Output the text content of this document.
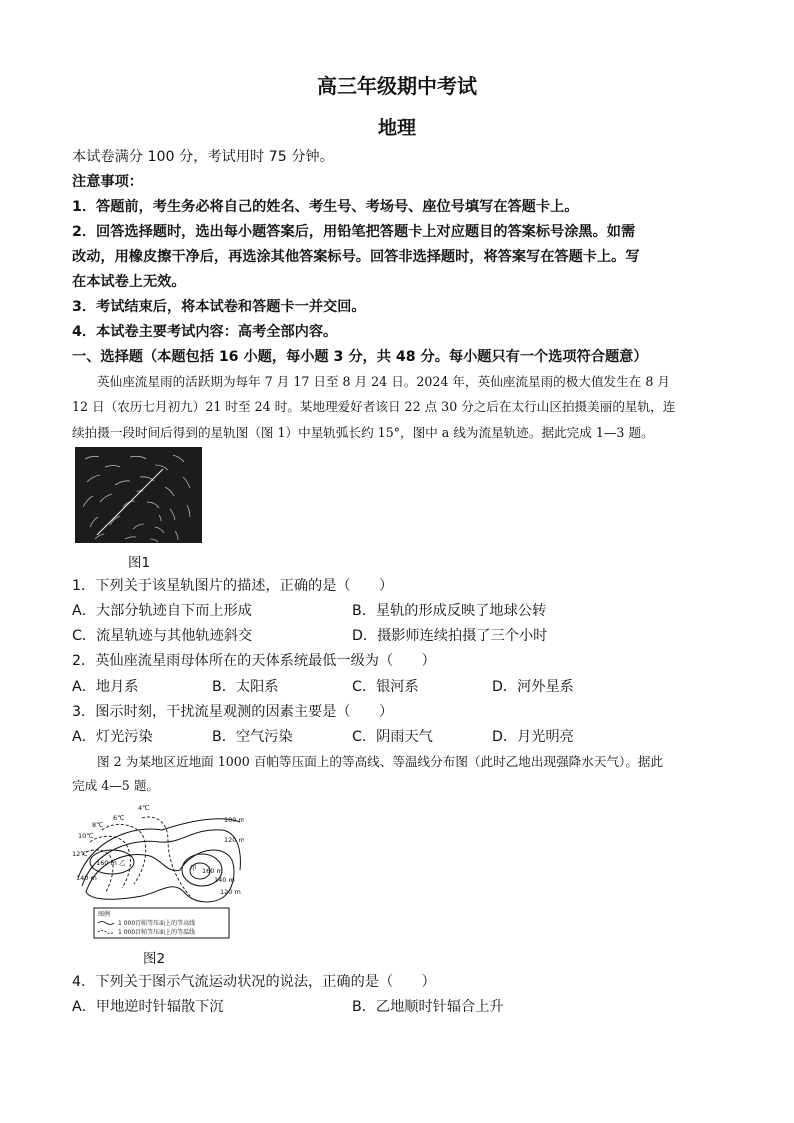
高三年级期中考试
地理
本试卷满分 100 分，考试用时 75 分钟。
注意事项：
1．答题前，考生务必将自己的姓名、考生号、考场号、座位号填写在答题卡上。
2．回答选择题时，选出每小题答案后，用铅笔把答题卡上对应题目的答案标号涂黑。如需
改动，用橡皮擦干净后，再选涂其他答案标号。回答非选择题时，将答案写在答题卡上。写
在本试卷上无效。
3．考试结束后，将本试卷和答题卡一并交回。
4．本试卷主要考试内容：高考全部内容。
一、选择题（本题包括 16 小题，每小题 3 分，共 48 分。每小题只有一个选项符合题意）
英仙座流星雨的活跃期为每年 7 月 17 日至 8 月 24 日。2024 年，英仙座流星雨的极大值发生在 8 月
12 日（农历七月初九）21 时至 24 时。某地理爱好者该日 22 点 30 分之后在太行山区拍摄美丽的星轨，连
续拍摄一段时间后得到的星轨图（图 1）中星轨弧长约 15°，图中 a 线为流星轨迹。据此完成 1—3 题。
图1
1．下列关于该星轨图片的描述，正确的是（　　）
A．大部分轨迹自下而上形成	B．星轨的形成反映了地球公转
C．流星轨迹与其他轨迹斜交	D．摄影师连续拍摄了三个小时
2．英仙座流星雨母体所在的天体系统最低一级为（　　）
A．地月系	B．太阳系	C．银河系	D．河外星系
3．图示时刻，干扰流星观测的因素主要是（　　）
A．灯光污染	B．空气污染	C．阴雨天气	D．月光明亮
图 2 为某地区近地面 1000 百帕等压面上的等高线、等温线分布图（此时乙地出现强降水天气）。据此
完成 4—5 题。
4℃
6℃
8℃
10℃
12℃
100 m
120 m
120 m
140 m	140 m
160 m
160 m
乙
甲
图例
1 000百帕等压面上的等高线
1 000百帕等压面上的等温线
图2
4．下列关于图示气流运动状况的说法，正确的是（　　）
A．甲地逆时针辐散下沉	B．乙地顺时针辐合上升
